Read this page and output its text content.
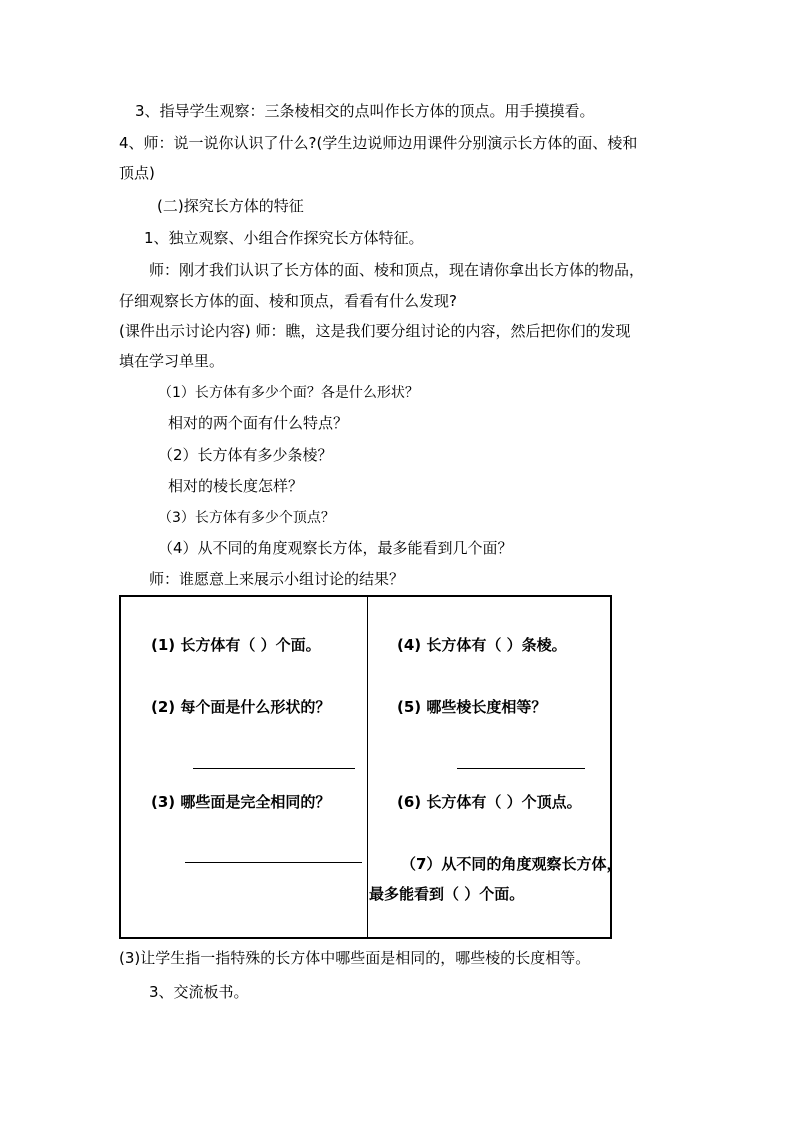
3、指导学生观察：三条棱相交的点叫作长方体的顶点。用手摸摸看。
4、师：说一说你认识了什么?(学生边说师边用课件分别演示长方体的面、棱和
顶点)
(二)探究长方体的特征
1、独立观察、小组合作探究长方体特征。
师：刚才我们认识了长方体的面、棱和顶点，现在请你拿出长方体的物品，
仔细观察长方体的面、棱和顶点，看看有什么发现?
(课件出示讨论内容) 师：瞧，这是我们要分组讨论的内容，然后把你们的发现
填在学习单里。
（1）长方体有多少个面？各是什么形状？
相对的两个面有什么特点？
（2）长方体有多少条棱？
相对的棱长度怎样？
（3）长方体有多少个顶点？
（4）从不同的角度观察长方体，最多能看到几个面？
师：谁愿意上来展示小组讨论的结果？
(1) 长方体有（ ）个面。
(2) 每个面是什么形状的？
(3) 哪些面是完全相同的？
(4) 长方体有（ ）条棱。
(5) 哪些棱长度相等？
(6) 长方体有（ ）个顶点。
（7）从不同的角度观察长方体，
最多能看到（ ）个面。
(3)让学生指一指特殊的长方体中哪些面是相同的，哪些棱的长度相等。
3、交流板书。
